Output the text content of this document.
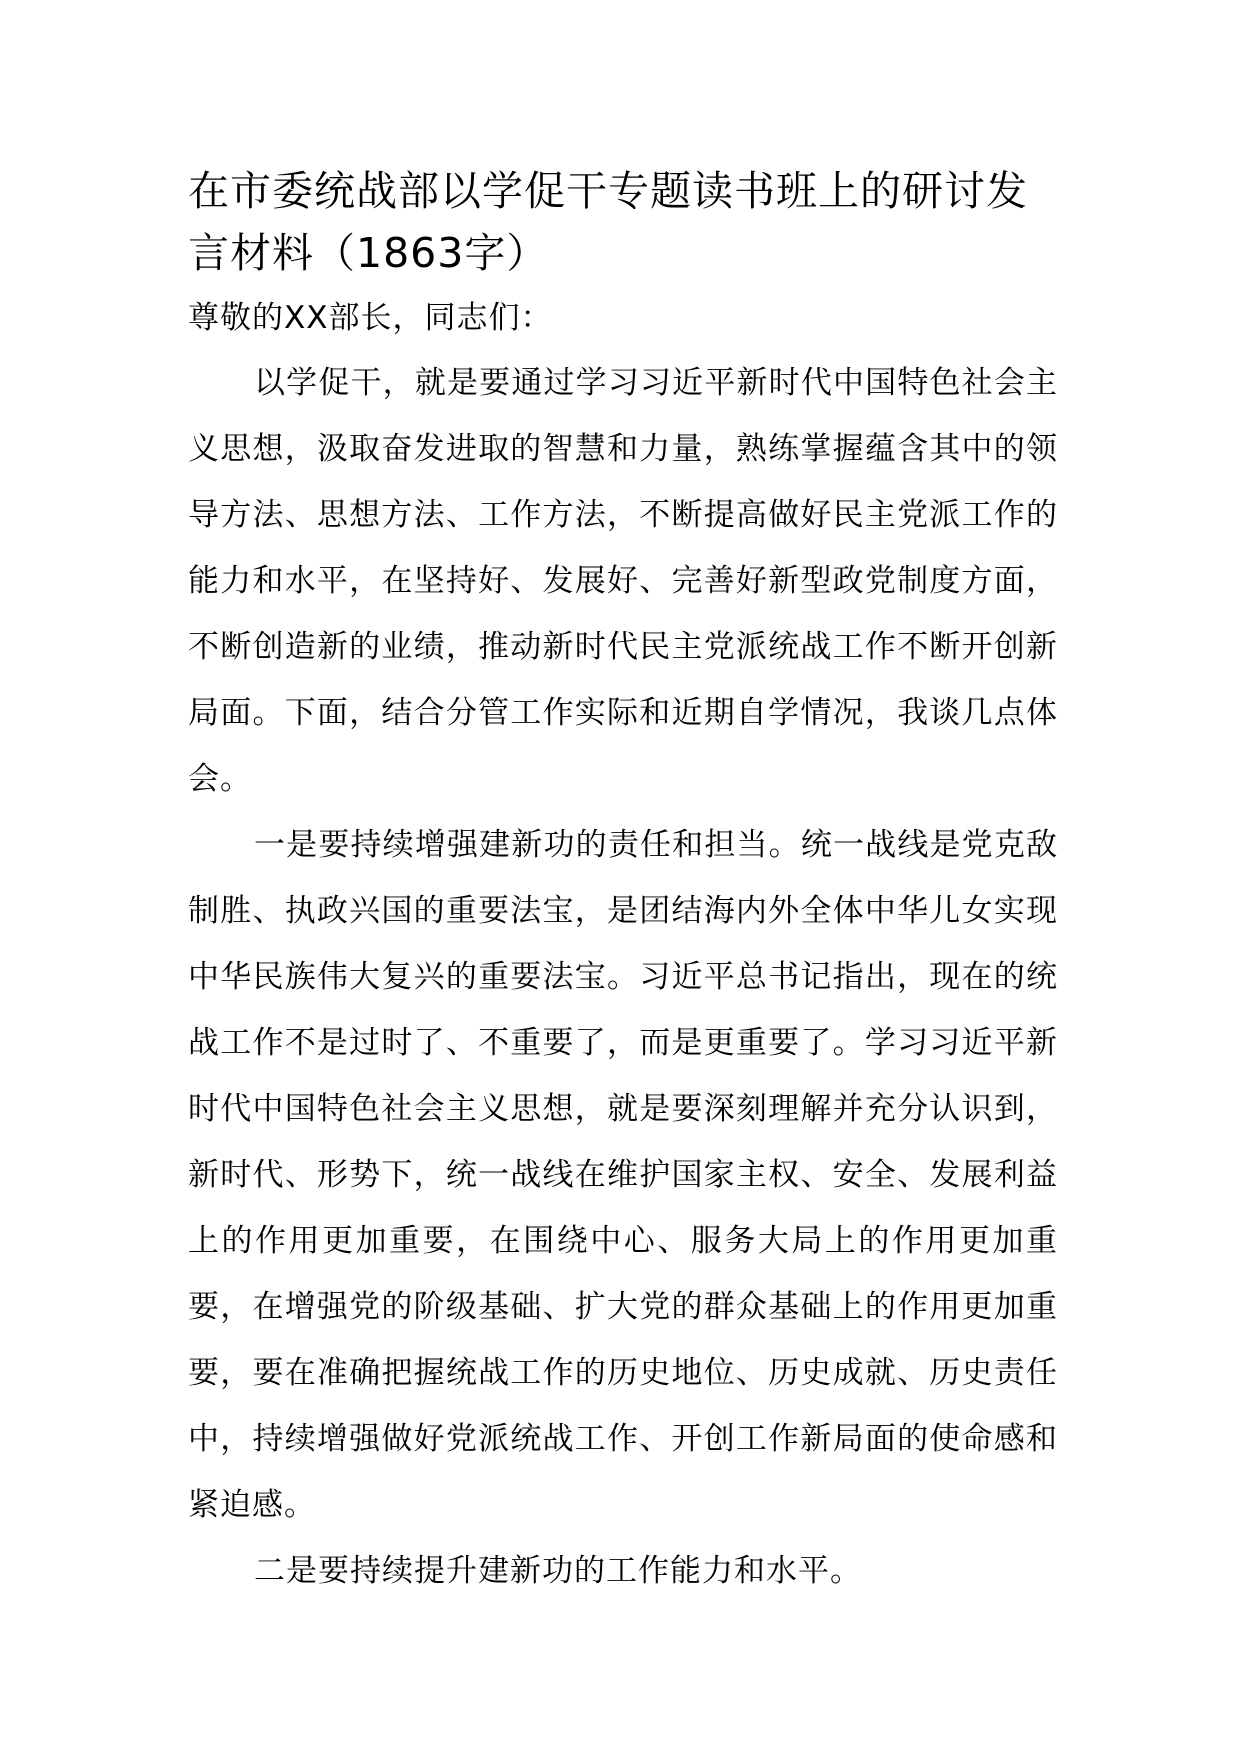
在市委统战部以学促干专题读书班上的研讨发言材料（1863字）

尊敬的XX部长，同志们：

以学促干，就是要通过学习习近平新时代中国特色社会主义思想，汲取奋发进取的智慧和力量，熟练掌握蕴含其中的领导方法、思想方法、工作方法，不断提高做好民主党派工作的能力和水平，在坚持好、发展好、完善好新型政党制度方面，不断创造新的业绩，推动新时代民主党派统战工作不断开创新局面。下面，结合分管工作实际和近期自学情况，我谈几点体会。

一是要持续增强建新功的责任和担当。统一战线是党克敌制胜、执政兴国的重要法宝，是团结海内外全体中华儿女实现中华民族伟大复兴的重要法宝。习近平总书记指出，现在的统战工作不是过时了、不重要了，而是更重要了。学习习近平新时代中国特色社会主义思想，就是要深刻理解并充分认识到，新时代、形势下，统一战线在维护国家主权、安全、发展利益上的作用更加重要，在围绕中心、服务大局上的作用更加重要，在增强党的阶级基础、扩大党的群众基础上的作用更加重要，要在准确把握统战工作的历史地位、历史成就、历史责任中，持续增强做好党派统战工作、开创工作新局面的使命感和紧迫感。

二是要持续提升建新功的工作能力和水平。
